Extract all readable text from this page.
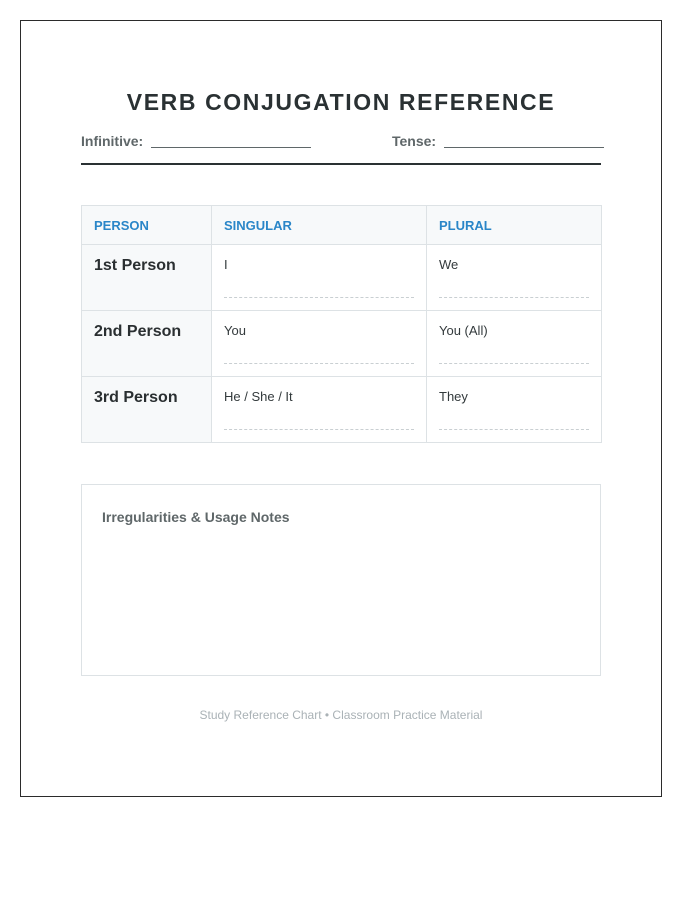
VERB CONJUGATION REFERENCE
Infinitive:	Tense:
PERSON	SINGULAR	PLURAL
1st Person	I	We

2nd Person	You	You (All)

3rd Person	He / She / It	They
Irregularities & Usage Notes
Study Reference Chart • Classroom Practice Material
